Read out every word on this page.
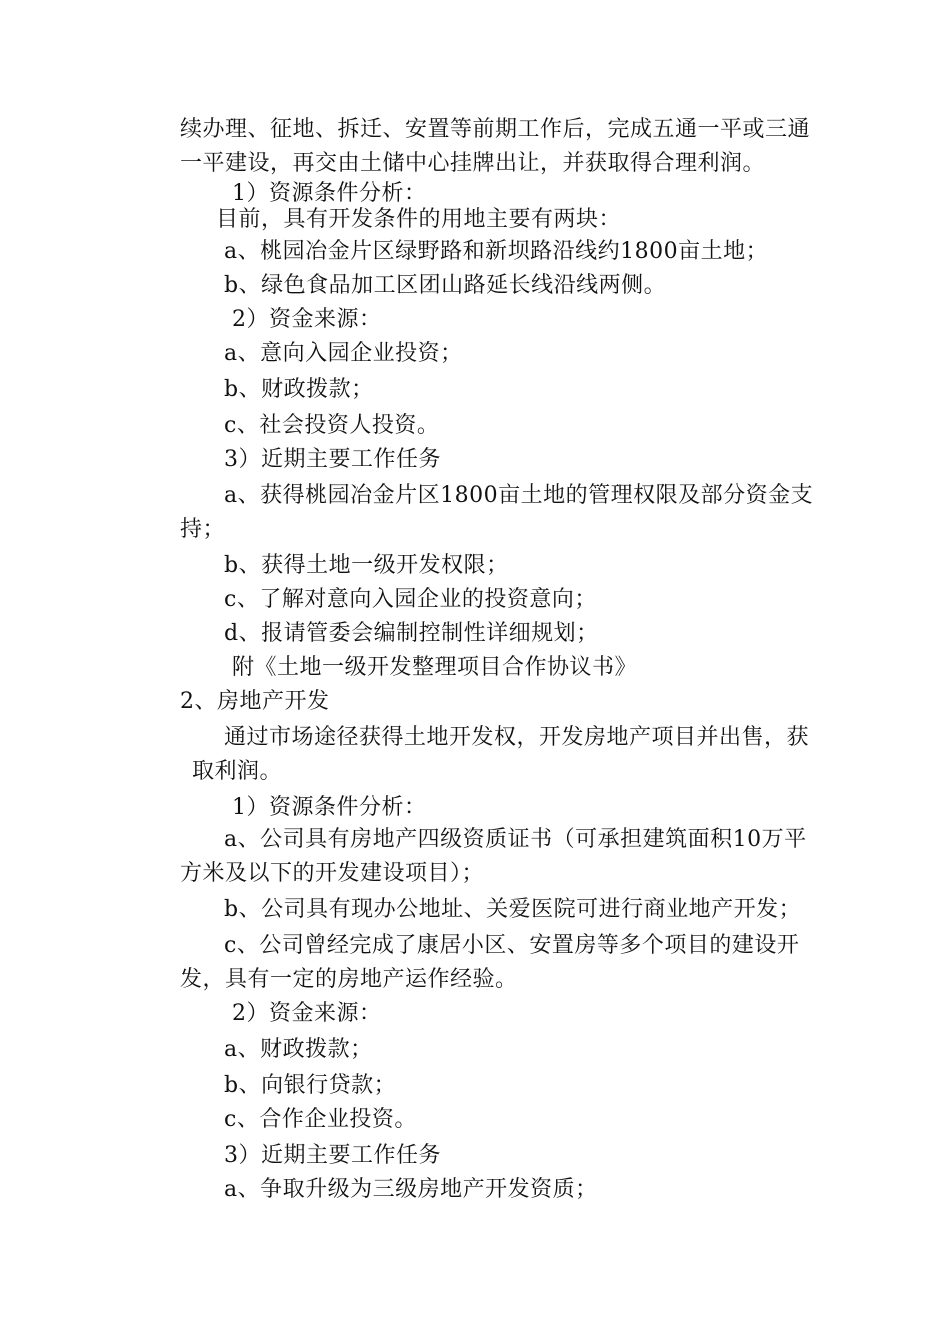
续办理、征地、拆迁、安置等前期工作后，完成五通一平或三通
一平建设，再交由土储中心挂牌出让，并获取得合理利润。
1）资源条件分析：
目前，具有开发条件的用地主要有两块：
a、桃园冶金片区绿野路和新坝路沿线约1800亩土地；
b、绿色食品加工区团山路延长线沿线两侧。
2）资金来源：
a、意向入园企业投资；
b、财政拨款；
c、社会投资人投资。
3）近期主要工作任务
a、获得桃园冶金片区1800亩土地的管理权限及部分资金支
持；
b、获得土地一级开发权限；
c、了解对意向入园企业的投资意向；
d、报请管委会编制控制性详细规划；
附《土地一级开发整理项目合作协议书》
2、房地产开发
通过市场途径获得土地开发权，开发房地产项目并出售，获
取利润。
1）资源条件分析：
a、公司具有房地产四级资质证书（可承担建筑面积10万平
方米及以下的开发建设项目）；
b、公司具有现办公地址、关爱医院可进行商业地产开发；
c、公司曾经完成了康居小区、安置房等多个项目的建设开
发，具有一定的房地产运作经验。
2）资金来源：
a、财政拨款；
b、向银行贷款；
c、合作企业投资。
3）近期主要工作任务
a、争取升级为三级房地产开发资质；
